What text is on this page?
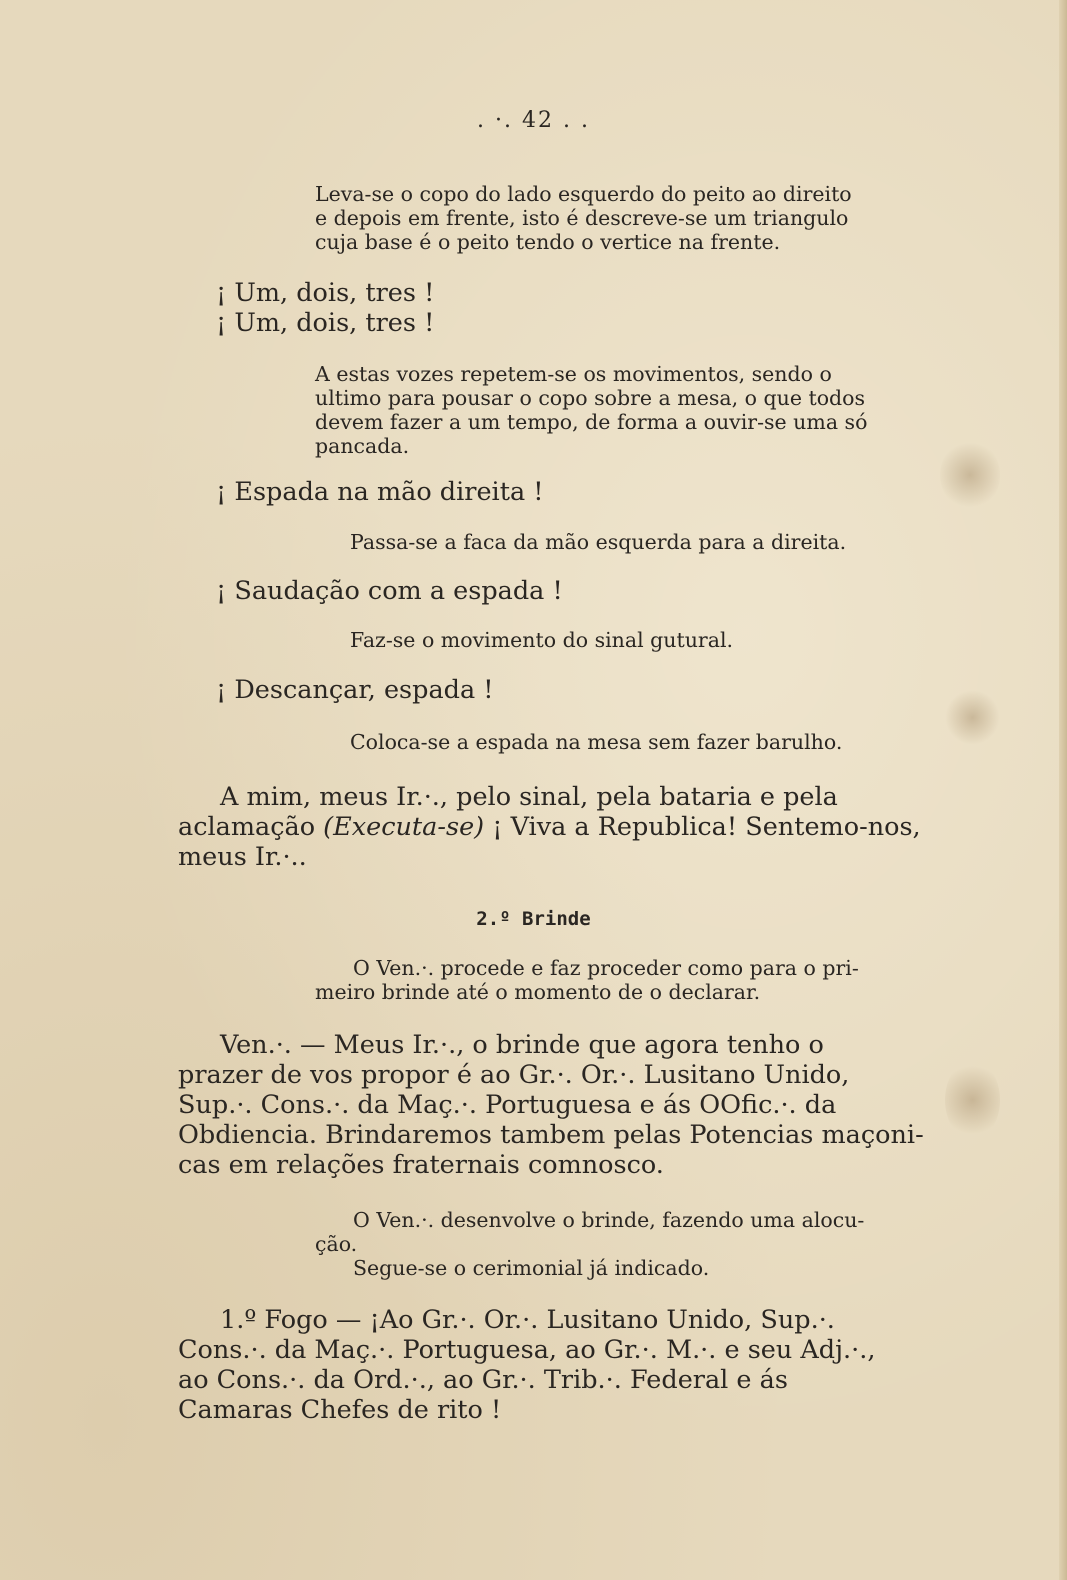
. ·. 42 . .
Leva-se o copo do lado esquerdo do peito ao direito
e depois em frente, isto é descreve-se um triangulo
cuja base é o peito tendo o vertice na frente.
¡ Um, dois, tres !
¡ Um, dois, tres !
A estas vozes repetem-se os movimentos, sendo o
ultimo para pousar o copo sobre a mesa, o que todos
devem fazer a um tempo, de forma a ouvir-se uma só
pancada.
¡ Espada na mão direita !
Passa-se a faca da mão esquerda para a direita.
¡ Saudação com a espada !
Faz-se o movimento do sinal gutural.
¡ Descançar, espada !
Coloca-se a espada na mesa sem fazer barulho.
A mim, meus Ir.·., pelo sinal, pela bataria e pela
aclamação (Executa-se) ¡ Viva a Republica! Sentemo-nos,
meus Ir.·..
2.º Brinde
O Ven.·. procede e faz proceder como para o pri-
meiro brinde até o momento de o declarar.
Ven.·. — Meus Ir.·., o brinde que agora tenho o
prazer de vos propor é ao Gr.·. Or.·. Lusitano Unido,
Sup.·. Cons.·. da Maç.·. Portuguesa e ás OOfic.·. da
Obdiencia. Brindaremos tambem pelas Potencias maçoni-
cas em relações fraternais comnosco.
O Ven.·. desenvolve o brinde, fazendo uma alocu-
ção.
Segue-se o cerimonial já indicado.
1.º Fogo — ¡Ao Gr.·. Or.·. Lusitano Unido, Sup.·.
Cons.·. da Maç.·. Portuguesa, ao Gr.·. M.·. e seu Adj.·.,
ao Cons.·. da Ord.·., ao Gr.·. Trib.·. Federal e ás
Camaras Chefes de rito !
